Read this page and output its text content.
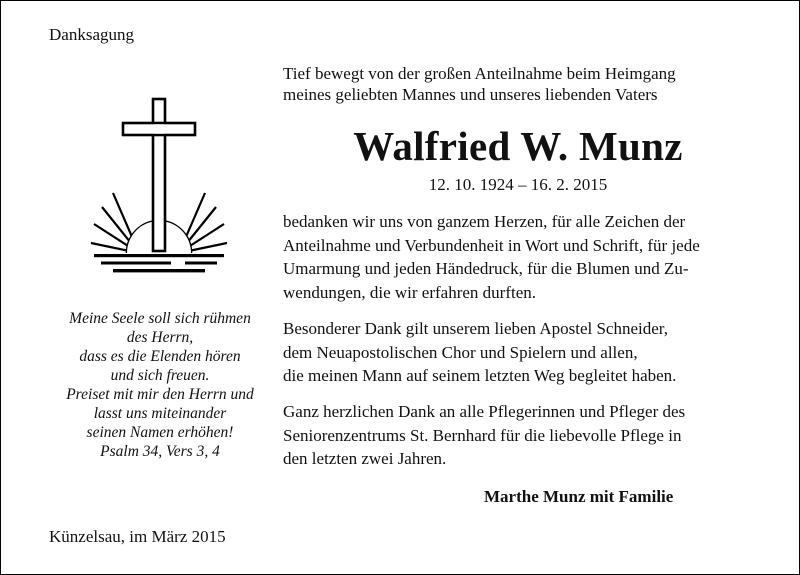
Danksagung
Meine Seele soll sich rühmen
des Herrn,
dass es die Elenden hören
und sich freuen.
Preiset mit mir den Herrn und
lasst uns miteinander
seinen Namen erhöhen!
Psalm 34, Vers 3, 4
Künzelsau, im März 2015
Tief bewegt von der großen Anteilnahme beim Heimgang
meines geliebten Mannes und unseres liebenden Vaters
Walfried W. Munz
12. 10. 1924 – 16. 2. 2015
bedanken wir uns von ganzem Herzen, für alle Zeichen der
Anteilnahme und Verbundenheit in Wort und Schrift, für jede
Umarmung und jeden Händedruck, für die Blumen und Zu-
wendungen, die wir erfahren durften.
Besonderer Dank gilt unserem lieben Apostel Schneider,
dem Neuapostolischen Chor und Spielern und allen,
die meinen Mann auf seinem letzten Weg begleitet haben.
Ganz herzlichen Dank an alle Pflegerinnen und Pfleger des
Seniorenzentrums St. Bernhard für die liebevolle Pflege in
den letzten zwei Jahren.
Marthe Munz mit Familie
